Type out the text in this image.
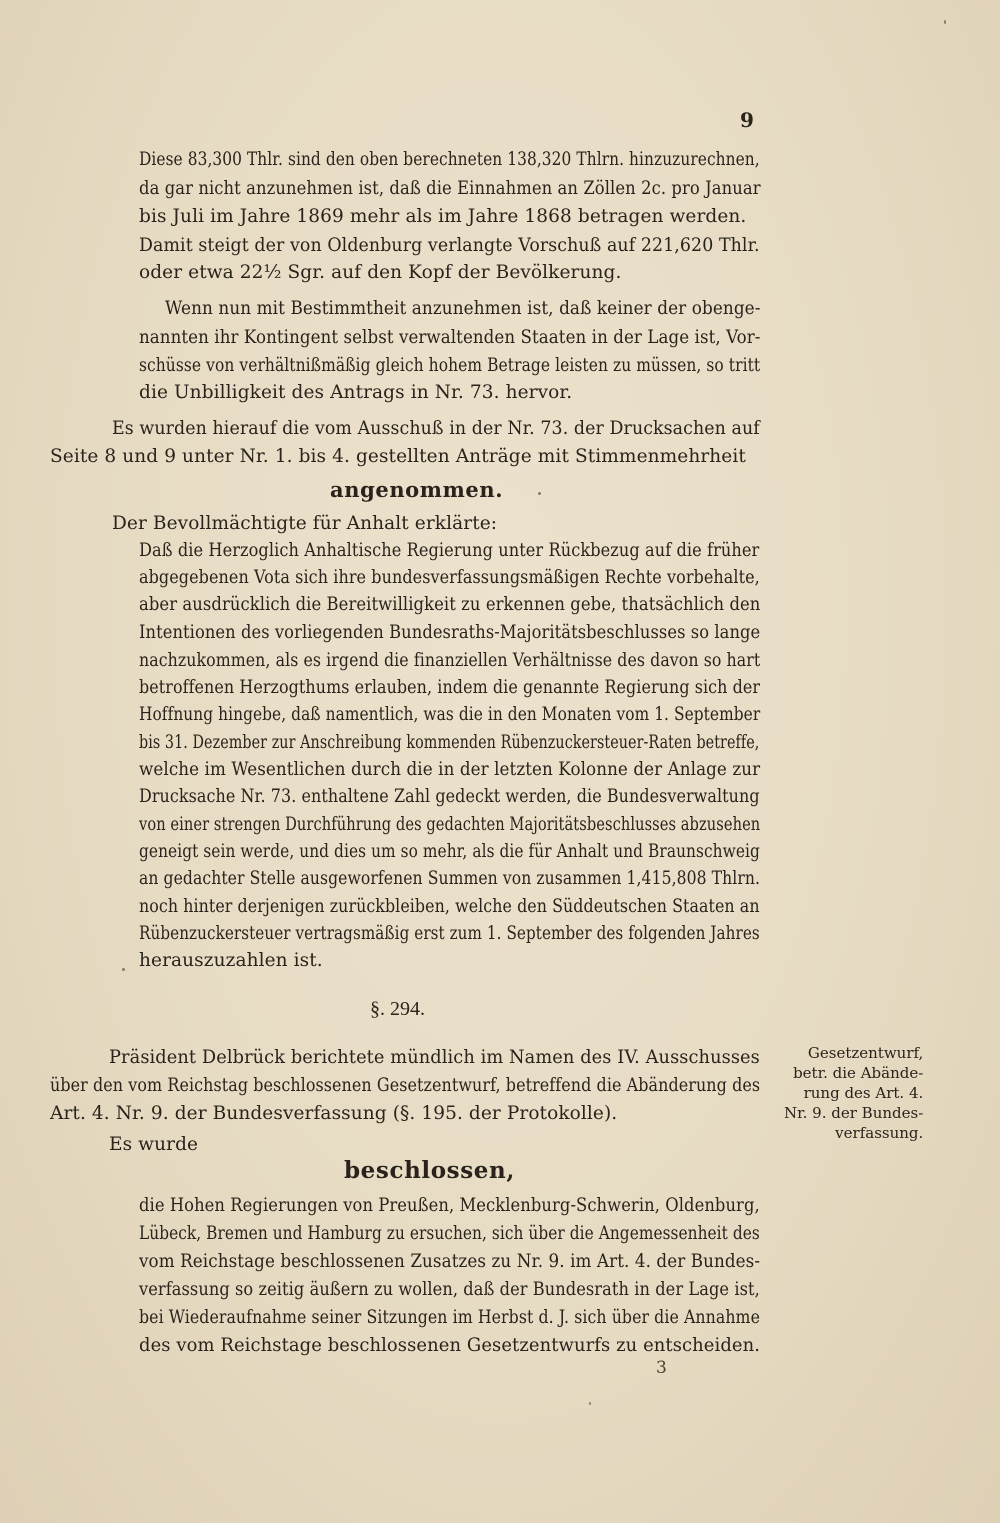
9
Diese 83,300 Thlr. sind den oben berechneten 138,320 Thlrn. hinzuzurechnen,
da gar nicht anzunehmen ist, daß die Einnahmen an Zöllen 2c. pro Januar
bis Juli im Jahre 1869 mehr als im Jahre 1868 betragen werden.
Damit steigt der von Oldenburg verlangte Vorschuß auf 221,620 Thlr.
oder etwa 22½ Sgr. auf den Kopf der Bevölkerung.
Wenn nun mit Bestimmtheit anzunehmen ist, daß keiner der obenge-
nannten ihr Kontingent selbst verwaltenden Staaten in der Lage ist, Vor-
schüsse von verhältnißmäßig gleich hohem Betrage leisten zu müssen, so tritt
die Unbilligkeit des Antrags in Nr. 73. hervor.
Es wurden hierauf die vom Ausschuß in der Nr. 73. der Drucksachen auf
Seite 8 und 9 unter Nr. 1. bis 4. gestellten Anträge mit Stimmenmehrheit
angenommen.
Der Bevollmächtigte für Anhalt erklärte:
Daß die Herzoglich Anhaltische Regierung unter Rückbezug auf die früher
abgegebenen Vota sich ihre bundesverfassungsmäßigen Rechte vorbehalte,
aber ausdrücklich die Bereitwilligkeit zu erkennen gebe, thatsächlich den
Intentionen des vorliegenden Bundesraths-Majoritätsbeschlusses so lange
nachzukommen, als es irgend die finanziellen Verhältnisse des davon so hart
betroffenen Herzogthums erlauben, indem die genannte Regierung sich der
Hoffnung hingebe, daß namentlich, was die in den Monaten vom 1. September
bis 31. Dezember zur Anschreibung kommenden Rübenzuckersteuer-Raten betreffe,
welche im Wesentlichen durch die in der letzten Kolonne der Anlage zur
Drucksache Nr. 73. enthaltene Zahl gedeckt werden, die Bundesverwaltung
von einer strengen Durchführung des gedachten Majoritätsbeschlusses abzusehen
geneigt sein werde, und dies um so mehr, als die für Anhalt und Braunschweig
an gedachter Stelle ausgeworfenen Summen von zusammen 1,415,808 Thlrn.
noch hinter derjenigen zurückbleiben, welche den Süddeutschen Staaten an
Rübenzuckersteuer vertragsmäßig erst zum 1. September des folgenden Jahres
herauszuzahlen ist.
§. 294.
Präsident Delbrück berichtete mündlich im Namen des IV. Ausschusses
über den vom Reichstag beschlossenen Gesetzentwurf, betreffend die Abänderung des
Art. 4. Nr. 9. der Bundesverfassung (§. 195. der Protokolle).
Es wurde
Gesetzentwurf,
betr. die Abände-
rung des Art. 4.
Nr. 9. der Bundes-
verfassung.
beschlossen,
die Hohen Regierungen von Preußen, Mecklenburg-Schwerin, Oldenburg,
Lübeck, Bremen und Hamburg zu ersuchen, sich über die Angemessenheit des
vom Reichstage beschlossenen Zusatzes zu Nr. 9. im Art. 4. der Bundes-
verfassung so zeitig äußern zu wollen, daß der Bundesrath in der Lage ist,
bei Wiederaufnahme seiner Sitzungen im Herbst d. J. sich über die Annahme
des vom Reichstage beschlossenen Gesetzentwurfs zu entscheiden.
3
